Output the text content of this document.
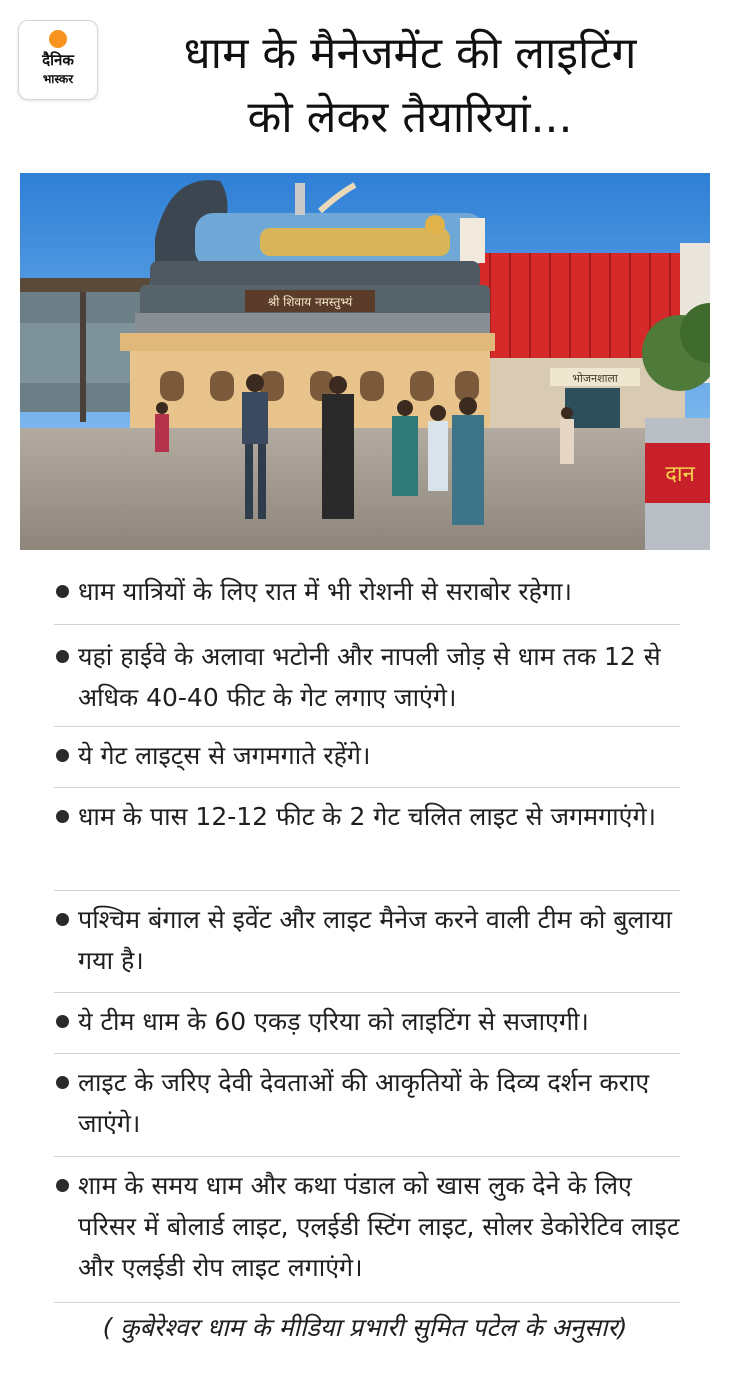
दैनिक
भास्कर	धाम के मैनेजमेंट की लाइटिंग
को लेकर तैयारियां...
भोजनशाला
श्री शिवाय नमस्तुभ्यं
दान
धाम यात्रियों के लिए रात में भी रोशनी से सराबोर रहेगा।
यहां हाईवे के अलावा भटोनी और नापली जोड़ से धाम तक 12 से अधिक 40-40 फीट के गेट लगाए जाएंगे।
ये गेट लाइट्स से जगमगाते रहेंगे।
धाम के पास 12-12 फीट के 2 गेट चलित लाइट से जगमगाएंगे।
पश्चिम बंगाल से इवेंट और लाइट मैनेज करने वाली टीम को बुलाया गया है।
ये टीम धाम के 60 एकड़ एरिया को लाइटिंग से सजाएगी।
लाइट के जरिए देवी देवताओं की आकृतियों के दिव्य दर्शन कराए जाएंगे।
शाम के समय धाम और कथा पंडाल को खास लुक देने के लिए परिसर में बोलार्ड लाइट, एलईडी स्टिंग लाइट, सोलर डेकोरेटिव लाइट और एलईडी रोप लाइट लगाएंगे।
( कुबेरेश्वर धाम के मीडिया प्रभारी सुमित पटेल के अनुसार)
